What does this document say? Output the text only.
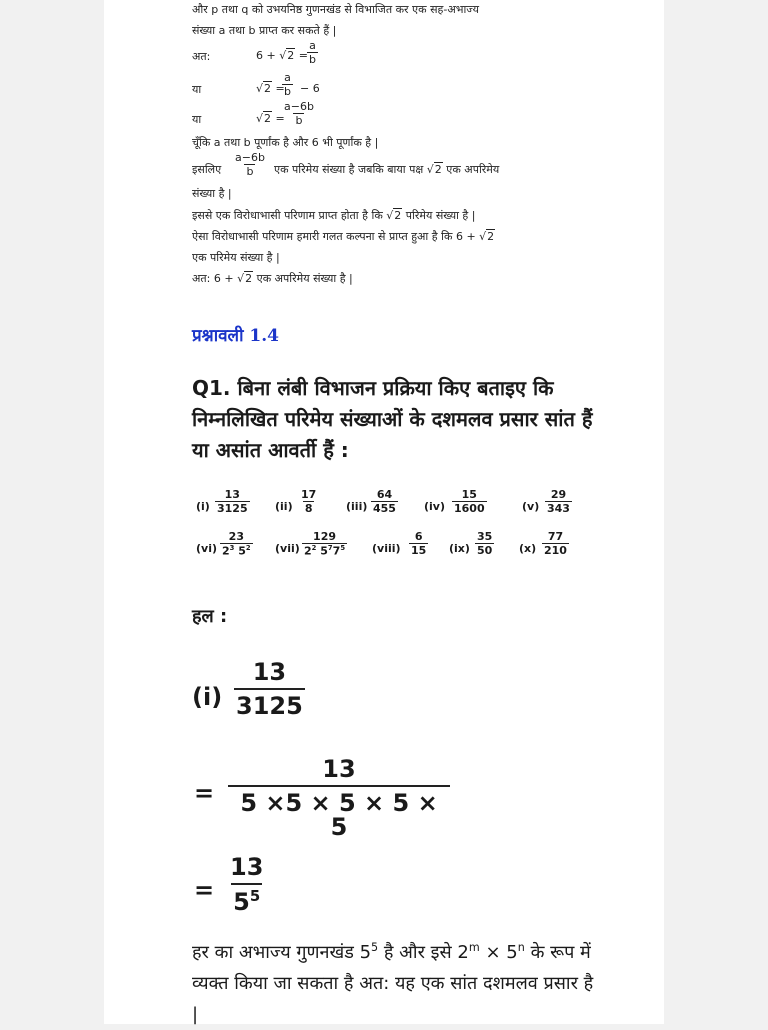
और p तथा q को उभयनिष्ठ गुणनखंड से विभाजित कर एक सह-अभाज्य
संख्या a तथा b प्राप्त कर सकते हैं |
अत:	$6 + √2 = \frac{a}{b}$
या	√2 =
$\frac{a}{b} - 6$
या	√2 =
$\frac{a-6b}{b}$
चूँकि a तथा b पूर्णांक है और 6 भी पूर्णांक है |
इसलिए $\frac{a-6b}{b}$ एक परिमेय संख्या है जबकि बाया पक्ष √2 एक अपरिमेय
संख्या है |
इससे एक विरोधाभासी परिणाम प्राप्त होता है कि √2 परिमेय संख्या है |
ऐसा विरोधाभासी परिणाम हमारी गलत कल्पना से प्राप्त हुआ है कि 6 + √2
एक परिमेय संख्या है |
अत: 6 + √2 एक अपरिमेय संख्या है |
प्रश्नावली 1.4
Q1. बिना लंबी विभाजन प्रक्रिया किए बताइए कि निम्नलिखित परिमेय संख्याओं के दशमलव प्रसार सांत हैं या असांत आवर्ती हैं :
$(i) \frac{13}{3125} (ii) \frac{17}{8}$	$(iii) \frac{64}{455} (iv) \frac{15}{1600}$	$(v) \frac{29}{343}$
$(vi) \frac{23}{2^3 5^2} (vii) \frac{129}{2^2 5^77^5}$ (viii) $\frac{6}{15} (ix) \frac{35}{50} (x) \frac{77}{210}$
हल :
$(i) \frac{13}{3125}$
= $\frac{13}{5 \times 5 \times 5 \times 5 \times 5}$
= $\frac{13}{5^5}$
हर का अभाज्य गुणनखंड $5^5$ है और इसे $2^m \times 5^n$ के रूप में व्यक्त किया जा सकता है अत: यह एक सांत दशमलव प्रसार है |
